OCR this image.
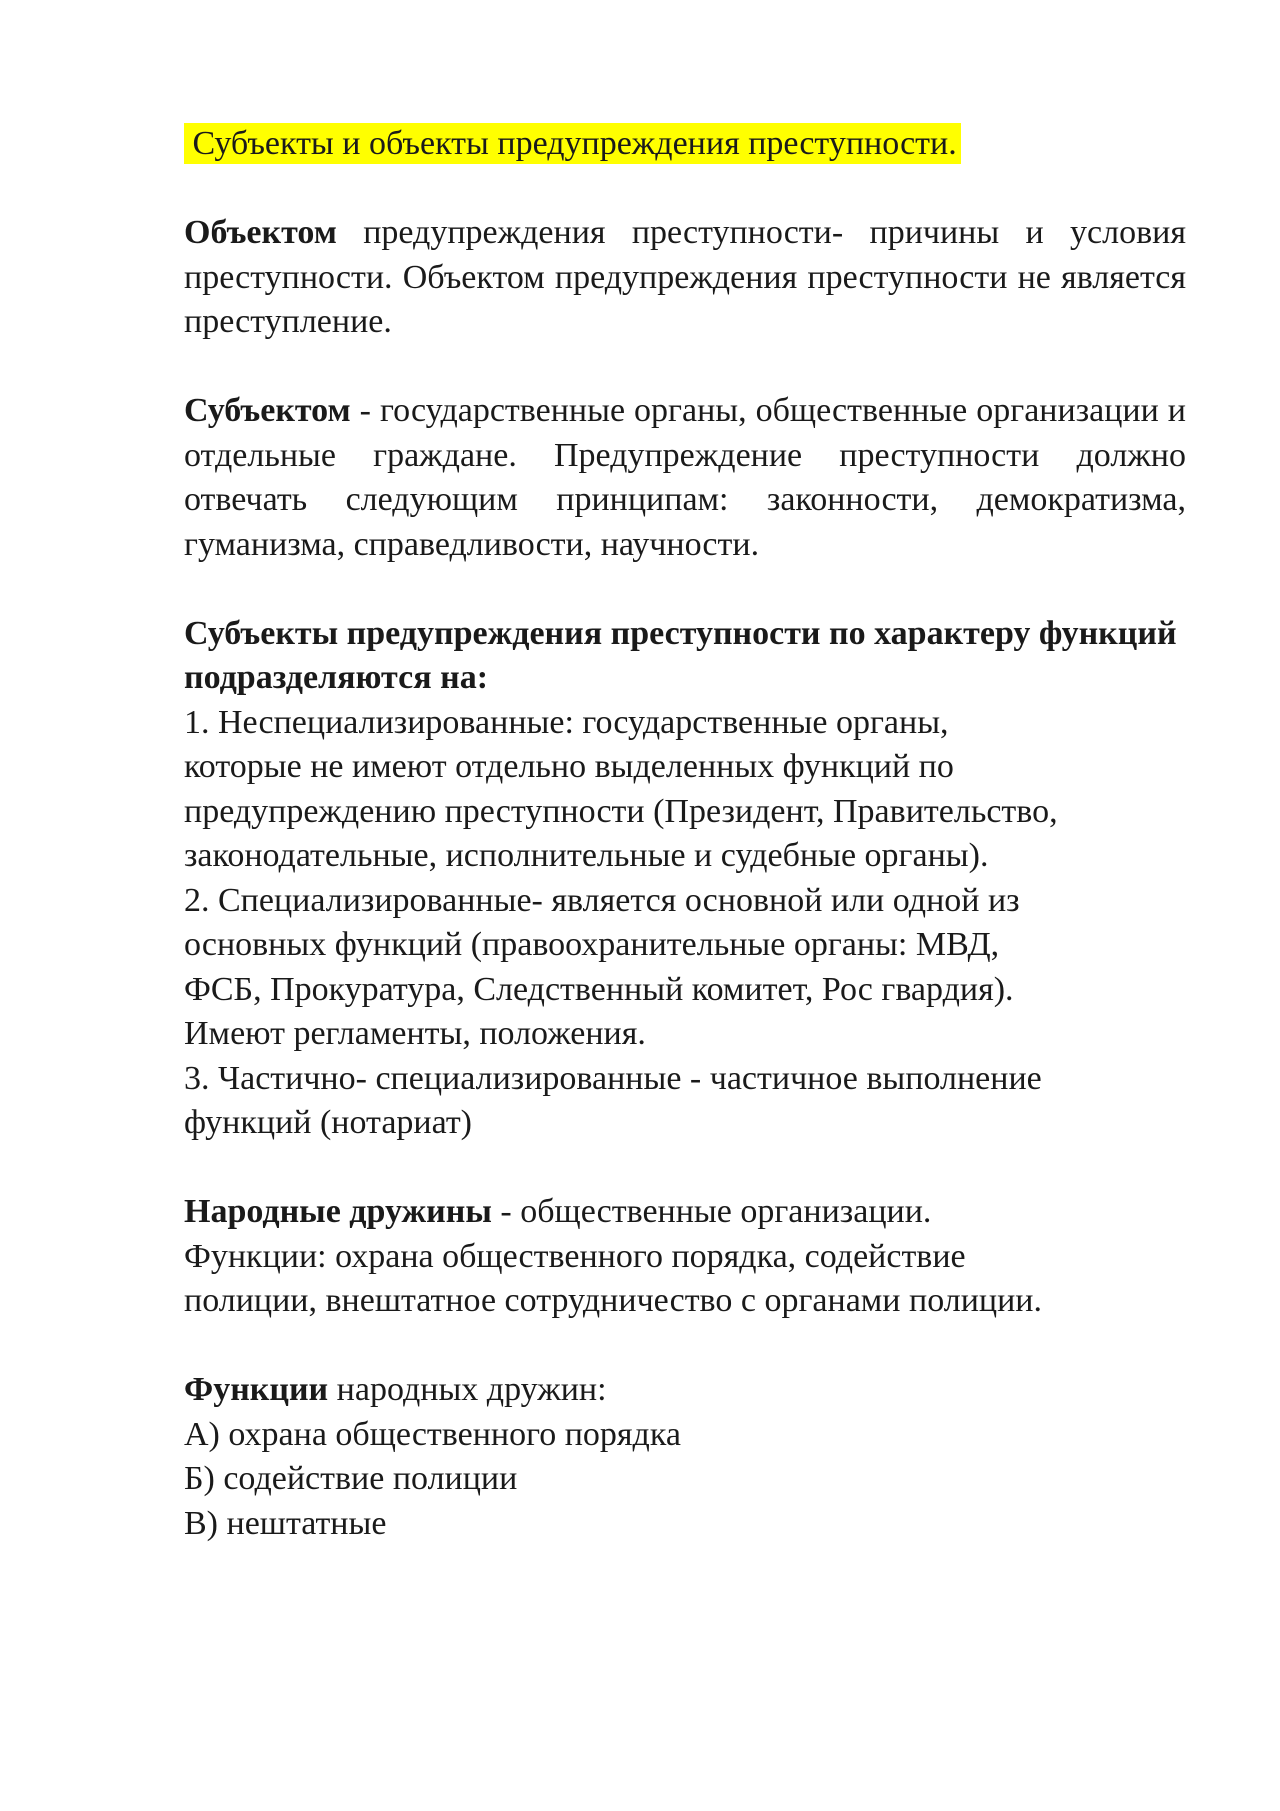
Субъекты и объекты предупреждения преступности.

Объектом предупреждения преступности- причины и условия преступности. Объектом предупреждения преступности не является преступление.

Субъектом - государственные органы, общественные организации и отдельные граждане. Предупреждение преступности должно отвечать следующим принципам: законности, демократизма, гуманизма, справедливости, научности.

Субъекты предупреждения преступности по характеру функций подразделяются на:

1. Неспециализированные: государственные органы,
которые не имеют отдельно выделенных функций по
предупреждению преступности (Президент, Правительство,
законодательные, исполнительные и судебные органы).
2. Специализированные- является основной или одной из
основных функций (правоохранительные органы: МВД,
ФСБ, Прокуратура, Следственный комитет, Рос гвардия).
Имеют регламенты, положения.
3. Частично- специализированные - частичное выполнение
функций (нотариат)
Народные дружины - общественные организации.
Функции: охрана общественного порядка, содействие
полиции, внештатное сотрудничество с органами полиции.
Функции народных дружин:
А) охрана общественного порядка
Б) содействие полиции
В) нештатные
